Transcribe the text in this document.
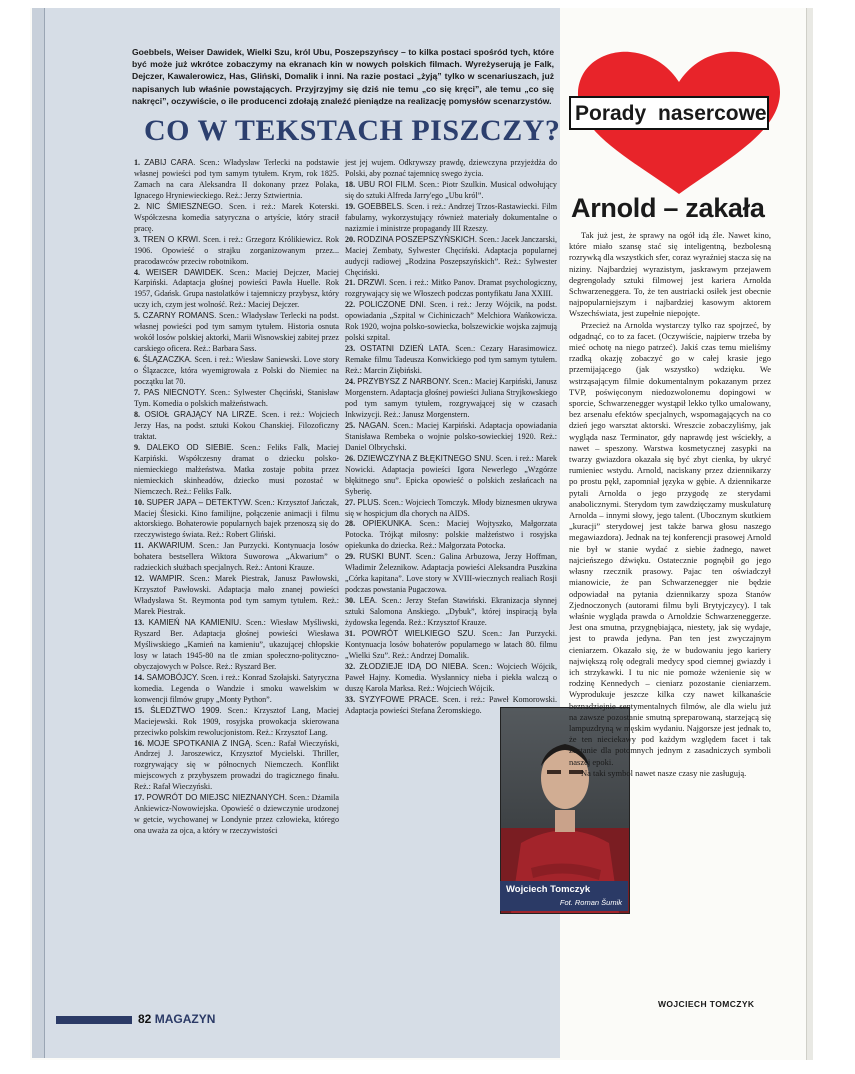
Goebbels, Weiser Dawidek, Wielki Szu, król Ubu, Poszepszyńscy – to kilka postaci spośród tych, które być może już wkrótce zobaczymy na ekranach kin w nowych polskich filmach. Wyreżyserują je Falk, Dejczer, Kawalerowicz, Has, Gliński, Domalik i inni. Na razie postaci „żyją” tylko w scenariuszach, już napisanych lub właśnie powstających. Przyjrzyjmy się dziś nie temu „co się kręci”, ale temu „co się nakręci”, oczywiście, o ile producenci zdołają znaleźć pieniądze na realizację pomysłów scenarzystów.
CO W TEKSTACH PISZCZY?

1. ZABIJ CARA. Scen.: Władysław Terlecki na podstawie własnej powieści pod tym samym tytułem. Krym, rok 1825. Zamach na cara Aleksandra II dokonany przez Polaka, Ignacego Hryniewieckiego. Reż.: Jerzy Sztwiertnia.

2. NIC ŚMIESZNEGO. Scen. i reż.: Marek Koterski. Współczesna komedia satyryczna o artyście, który stracił pracę.

3. TREN O KRWI. Scen. i reż.: Grzegorz Królikiewicz. Rok 1906. Opowieść o strajku zorganizowanym przez... pracodawców przeciw robotnikom.

4. WEISER DAWIDEK. Scen.: Maciej Dejczer, Maciej Karpiński. Adaptacja głośnej powieści Pawła Huelle. Rok 1957, Gdańsk. Grupa nastolatków i tajemniczy przybysz, który uczy ich, czym jest wolność. Reż.: Maciej Dejczer.

5. CZARNY ROMANS. Scen.: Władysław Terlecki na podst. własnej powieści pod tym samym tytułem. Historia osnuta wokół losów polskiej aktorki, Marii Wisnowskiej zabitej przez carskiego oficera. Reż.: Barbara Sass.

6. ŚLĄZACZKA. Scen. i reż.: Wiesław Saniewski. Love story o Ślązaczce, która wyemigrowała z Polski do Niemiec na początku lat 70.

7. PAS NIECNOTY. Scen.: Sylwester Chęciński, Stanisław Tym. Komedia o polskich małżeństwach.

8. OSIOŁ GRAJĄCY NA LIRZE. Scen. i reż.: Wojciech Jerzy Has, na podst. sztuki Kokou Chanskiej. Filozoficzny traktat.

9. DALEKO OD SIEBIE. Scen.: Feliks Falk, Maciej Karpiński. Współczesny dramat o dziecku polsko-niemieckiego małżeństwa. Matka zostaje pobita przez niemieckich skinheadów, dziecko musi pozostać w Niemczech. Reż.: Feliks Falk.

10. SUPER JAPA – DETEKTYW. Scen.: Krzysztof Jańczak, Maciej Ślesicki. Kino familijne, połączenie animacji i filmu aktorskiego. Bohaterowie popularnych bajek przenoszą się do rzeczywistego świata. Reż.: Robert Gliński.

11. AKWARIUM. Scen.: Jan Purzycki. Kontynuacja losów bohatera bestsellera Wiktora Suworowa „Akwarium” o radzieckich służbach specjalnych. Reż.: Antoni Krauze.

12. WAMPIR. Scen.: Marek Piestrak, Janusz Pawłowski, Krzysztof Pawłowski. Adaptacja mało znanej powieści Władysława St. Reymonta pod tym samym tytułem. Reż.: Marek Piestrak.

13. KAMIEŃ NA KAMIENIU. Scen.: Wiesław Myśliwski, Ryszard Ber. Adaptacja głośnej powieści Wiesława Myśliwskiego „Kamień na kamieniu”, ukazującej chłopskie losy w latach 1945-80 na tle zmian społeczno-polityczno-obyczajowych w Polsce. Reż.: Ryszard Ber.

14. SAMOBÓJCY. Scen. i reż.: Konrad Szołajski. Satyryczna komedia. Legenda o Wandzie i smoku wawelskim w konwencji filmów grupy „Monty Python”.

15. ŚLEDZTWO 1909. Scen.: Krzysztof Lang, Maciej Maciejewski. Rok 1909, rosyjska prowokacja skierowana przeciwko polskim rewolucjonistom. Reż.: Krzysztof Lang.

16. MOJE SPOTKANIA Z INGĄ. Scen.: Rafał Wieczyński, Andrzej J. Jaroszewicz, Krzysztof Mycielski. Thriller, rozgrywający się w północnych Niemczech. Konflikt miejscowych z przybyszem prowadzi do tragicznego finału. Reż.: Rafał Wieczyński.

17. POWRÓT DO MIEJSC NIEZNANYCH. Scen.: Dżamila Ankiewicz-Nowowiejska. Opowieść o dziewczynie urodzonej w getcie, wychowanej w Londynie przez człowieka, którego ona uważa za ojca, a który w rzeczywistości

jest jej wujem. Odkrywszy prawdę, dziewczyna przyjeżdża do Polski, aby poznać tajemnicę swego życia.

18. UBU ROI FILM. Scen.: Piotr Szulkin. Musical odwołujący się do sztuki Alfreda Jarry'ego „Ubu król”.

19. GOEBBELS. Scen. i reż.: Andrzej Trzos-Rastawiecki. Film fabularny, wykorzystujący również materiały dokumentalne o nazizmie i ministrze propagandy III Rzeszy.

20. RODZINA POSZEPSZYŃSKICH. Scen.: Jacek Janczarski, Maciej Zembaty, Sylwester Chęciński. Adaptacja popularnej audycji radiowej „Rodzina Poszepszyńskich”. Reż.: Sylwester Chęciński.

21. DRZWI. Scen. i reż.: Mitko Panov. Dramat psychologiczny, rozgrywający się we Włoszech podczas pontyfikatu Jana XXIII.

22. POLICZONE DNI. Scen. i reż.: Jerzy Wójcik, na podst. opowiadania „Szpital w Cichiniczach” Melchiora Wańkowicza. Rok 1920, wojna polsko-sowiecka, bolszewickie wojska zajmują polski szpital.

23. OSTATNI DZIEŃ LATA. Scen.: Cezary Harasimowicz. Remake filmu Tadeusza Konwickiego pod tym samym tytułem. Reż.: Marcin Ziębiński.

24. PRZYBYSZ Z NARBONY. Scen.: Maciej Karpiński, Janusz Morgenstern. Adaptacja głośnej powieści Juliana Stryjkowskiego pod tym samym tytułem, rozgrywającej się w czasach Inkwizycji. Reż.: Janusz Morgenstern.

25. NAGAN. Scen.: Maciej Karpiński. Adaptacja opowiadania Stanisława Rembeka o wojnie polsko-sowieckiej 1920. Reż.: Daniel Olbrychski.

26. DZIEWCZYNA Z BŁĘKITNEGO SNU. Scen. i reż.: Marek Nowicki. Adaptacja powieści Igora Newerlego „Wzgórze błękitnego snu”. Epicka opowieść o polskich zesłańcach na Syberię.

27. PLUS. Scen.: Wojciech Tomczyk. Młody biznesmen ukrywa się w hospicjum dla chorych na AIDS.

28. OPIEKUNKA. Scen.: Maciej Wojtyszko, Małgorzata Potocka. Trójkąt miłosny: polskie małżeństwo i rosyjska opiekunka do dziecka. Reż.: Małgorzata Potocka.

29. RUSKI BUNT. Scen.: Galina Arbuzowa, Jerzy Hoffman, Władimir Żeleznikow. Adaptacja powieści Aleksandra Puszkina „Córka kapitana”. Love story w XVIII-wiecznych realiach Rosji podczas powstania Pugaczowa.

30. LEA. Scen.: Jerzy Stefan Stawiński. Ekranizacja słynnej sztuki Salomona Anskiego. „Dybuk”, której inspiracją była żydowska legenda. Reż.: Krzysztof Krauze.

31. POWRÓT WIELKIEGO SZU. Scen.: Jan Purzycki. Kontynuacja losów bohaterów popularnego w latach 80. filmu „Wielki Szu”. Reż.: Andrzej Domalik.

32. ZŁODZIEJE IDĄ DO NIEBA. Scen.: Wojciech Wójcik, Paweł Hajny. Komedia. Wysłannicy nieba i piekła walczą o duszę Karola Marksa. Reż.: Wojciech Wójcik.

33. SYZYFOWE PRACE. Scen. i reż.: Paweł Komorowski. Adaptacja powieści Stefana Żeromskiego.

Wojciech Tomczyk
Fot. Roman Šumik
82 MAGAZYN
Porady nasercowe
Arnold – zakała

Tak już jest, że sprawy na ogół idą źle. Nawet kino, które miało szansę stać się inteligentną, bezbolesną rozrywką dla wszystkich sfer, coraz wyraźniej stacza się na niziny. Najbardziej wyrazistym, jaskrawym przejawem degrengolady sztuki filmowej jest kariera Arnolda Schwarzeneggera. To, że ten austriacki osiłek jest obecnie najpopularniejszym i najbardziej kasowym aktorem Wszechświata, jest zupełnie niepojęte.

Przecież na Arnolda wystarczy tylko raz spojrzeć, by odgadnąć, co to za facet. (Oczywiście, najpierw trzeba by mieć ochotę na niego patrzeć). Jakiś czas temu mieliśmy rzadką okazję zobaczyć go w całej krasie jego przemijającego (jak wszystko) wdzięku. We wstrząsającym filmie dokumentalnym pokazanym przez TVP, poświęconym niedozwolonemu dopingowi w sporcie, Schwarzenegger wystąpił lekko tylko umalowany, bez arsenału efektów specjalnych, wspomagających na co dzień jego warsztat aktorski. Wreszcie zobaczyliśmy, jak wygląda nasz Terminator, gdy naprawdę jest wściekły, a nawet – speszony. Warstwa kosmetycznej zasypki na twarzy gwiazdora okazała się być zbyt cienka, by ukryć rumieniec wstydu. Arnold, naciskany przez dziennikarzy po prostu pękł, zapomniał języka w gębie. A dziennikarze pytali Arnolda o jego przygodę ze sterydami anabolicznymi. Sterydom tym zawdzięczamy muskulaturę Arnolda – innymi słowy, jego talent. (Ubocznym skutkiem „kuracji” sterydowej jest także barwa głosu naszego megawiazdora). Jednak na tej konferencji prasowej Arnold nie był w stanie wydać z siebie żadnego, nawet najcieńszego dźwięku. Ostatecznie pognębił go jego własny rzecznik prasowy. Pajac ten oświadczył mianowicie, że pan Schwarzenegger nie będzie odpowiadał na pytania dziennikarzy spoza Stanów Zjednoczonych (autorami filmu byli Brytyjczycy). I tak właśnie wygląda prawda o Arnoldzie Schwarzeneggerze. Jest ona smutna, przygnębiająca, niestety, jak się wydaje, jest to prawda jedyna. Pan ten jest zwyczajnym cieniarzem. Okazało się, że w budowaniu jego kariery największą rolę odegrali medycy spod ciemnej gwiazdy i ich strzykawki. I tu nic nie pomoże wżenienie się w rodzinę Kennedych – cieniarz pozostanie cieniarzem. Wyprodukuje jeszcze kilka czy nawet kilkanaście beznadziejnie sentymentalnych filmów, ale dla wielu już na zawsze pozostanie smutną spreparowaną, starzejącą się lampuzdryną w męskim wydaniu. Najgorsze jest jednak to, że ten nieciekawy pod każdym względem facet i tak zostanie dla potomnych jednym z zasadniczych symboli naszej epoki.

Na taki symbol nawet nasze czasy nie zasługują.

WOJCIECH TOMCZYK
